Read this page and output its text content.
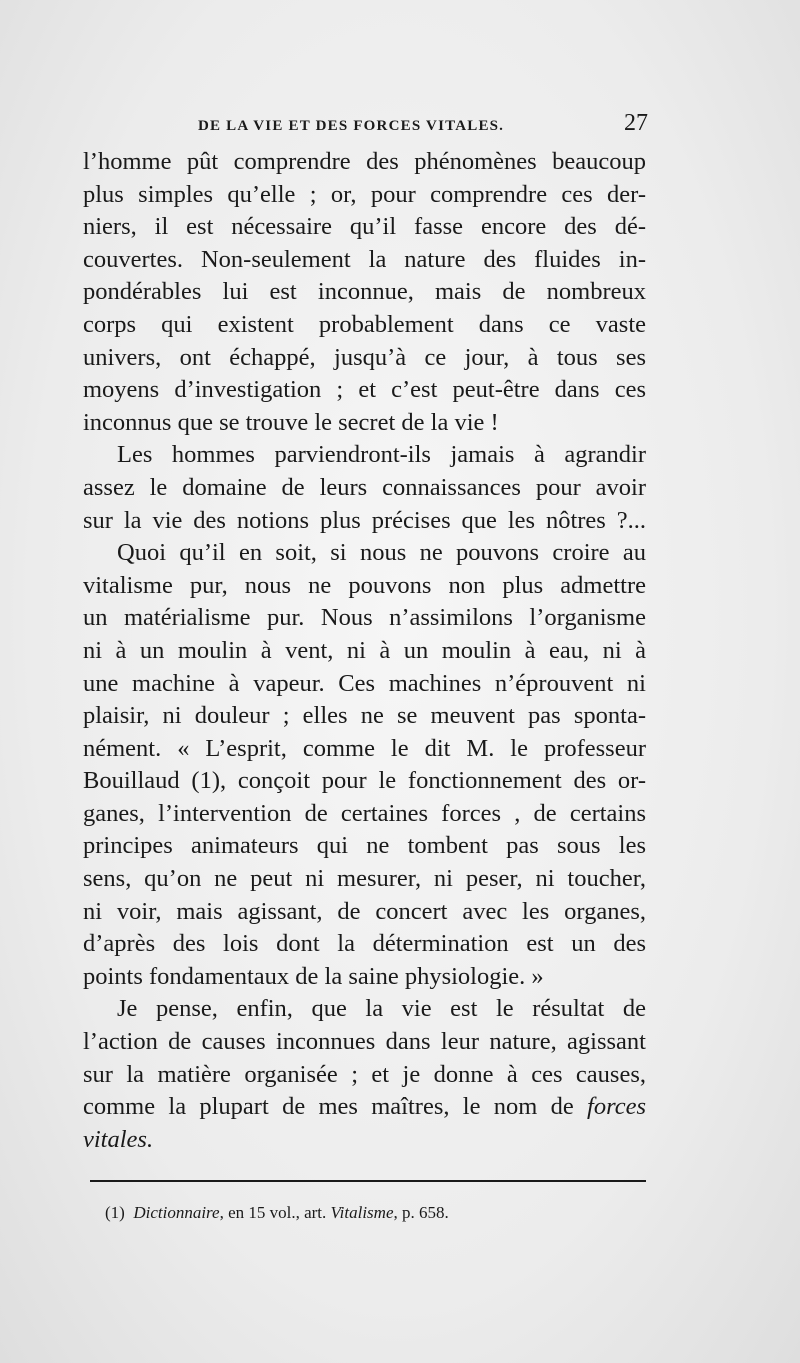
DE LA VIE ET DES FORCES VITALES.	27
l’homme pût comprendre des phénomènes beaucoup
plus simples qu’elle ; or, pour comprendre ces der-
niers, il est nécessaire qu’il fasse encore des dé-
couvertes. Non-seulement la nature des fluides in-
pondérables lui est inconnue, mais de nombreux
corps qui existent probablement dans ce vaste
univers, ont échappé, jusqu’à ce jour, à tous ses
moyens d’investigation ; et c’est peut-être dans ces
inconnus que se trouve le secret de la vie !
Les hommes parviendront-ils jamais à agrandir
assez le domaine de leurs connaissances pour avoir
sur la vie des notions plus précises que les nôtres ?...
Quoi qu’il en soit, si nous ne pouvons croire au
vitalisme pur, nous ne pouvons non plus admettre
un matérialisme pur. Nous n’assimilons l’organisme
ni à un moulin à vent, ni à un moulin à eau, ni à
une machine à vapeur. Ces machines n’éprouvent ni
plaisir, ni douleur ; elles ne se meuvent pas sponta-
nément. « L’esprit, comme le dit M. le professeur
Bouillaud (1), conçoit pour le fonctionnement des or-
ganes, l’intervention de certaines forces , de certains
principes animateurs qui ne tombent pas sous les
sens, qu’on ne peut ni mesurer, ni peser, ni toucher,
ni voir, mais agissant, de concert avec les organes,
d’après des lois dont la détermination est un des
points fondamentaux de la saine physiologie. »
Je pense, enfin, que la vie est le résultat de
l’action de causes inconnues dans leur nature, agissant
sur la matière organisée ; et je donne à ces causes,
comme la plupart de mes maîtres, le nom de forces
vitales.
(1) Dictionnaire, en 15 vol., art. Vitalisme, p. 658.
